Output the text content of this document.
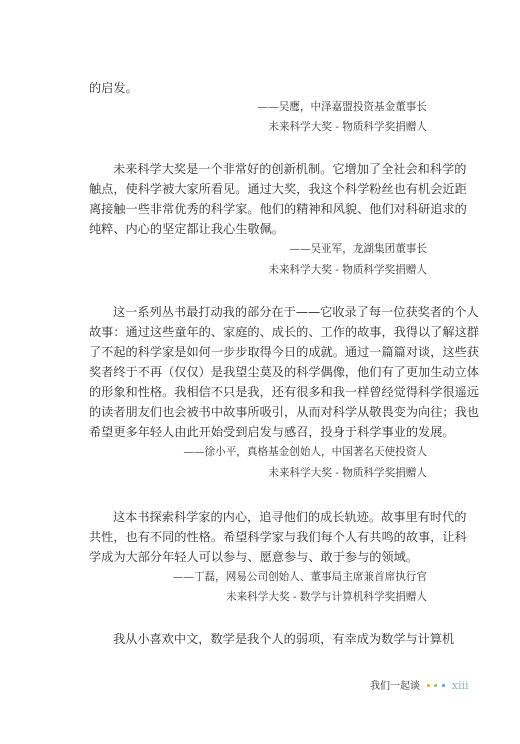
的启发。
——吴鹰，中泽嘉盟投资基金董事长
未来科学大奖 - 物质科学奖捐赠人
未来科学大奖是一个非常好的创新机制。它增加了全社会和科学的
触点，使科学被大家所看见。通过大奖，我这个科学粉丝也有机会近距
离接触一些非常优秀的科学家。他们的精神和风貌、他们对科研追求的
纯粹、内心的坚定都让我心生敬佩。
——吴亚军，龙湖集团董事长
未来科学大奖 - 物质科学奖捐赠人
这一系列丛书最打动我的部分在于——它收录了每一位获奖者的个人
故事：通过这些童年的、家庭的、成长的、工作的故事，我得以了解这群
了不起的科学家是如何一步步取得今日的成就。通过一篇篇对谈，这些获
奖者终于不再（仅仅）是我望尘莫及的科学偶像，他们有了更加生动立体
的形象和性格。我相信不只是我，还有很多和我一样曾经觉得科学很遥远
的读者朋友们也会被书中故事所吸引，从而对科学从敬畏变为向往；我也
希望更多年轻人由此开始受到启发与感召，投身于科学事业的发展。
——徐小平，真格基金创始人，中国著名天使投资人
未来科学大奖 - 物质科学奖捐赠人
这本书探索科学家的内心，追寻他们的成长轨迹。故事里有时代的
共性，也有不同的性格。希望科学家与我们每个人有共鸣的故事，让科
学成为大部分年轻人可以参与、愿意参与、敢于参与的领域。
——丁磊，网易公司创始人、董事局主席兼首席执行官
未来科学大奖 - 数学与计算机科学奖捐赠人
我从小喜欢中文，数学是我个人的弱项，有幸成为数学与计算机
我们一起谈	xiii
